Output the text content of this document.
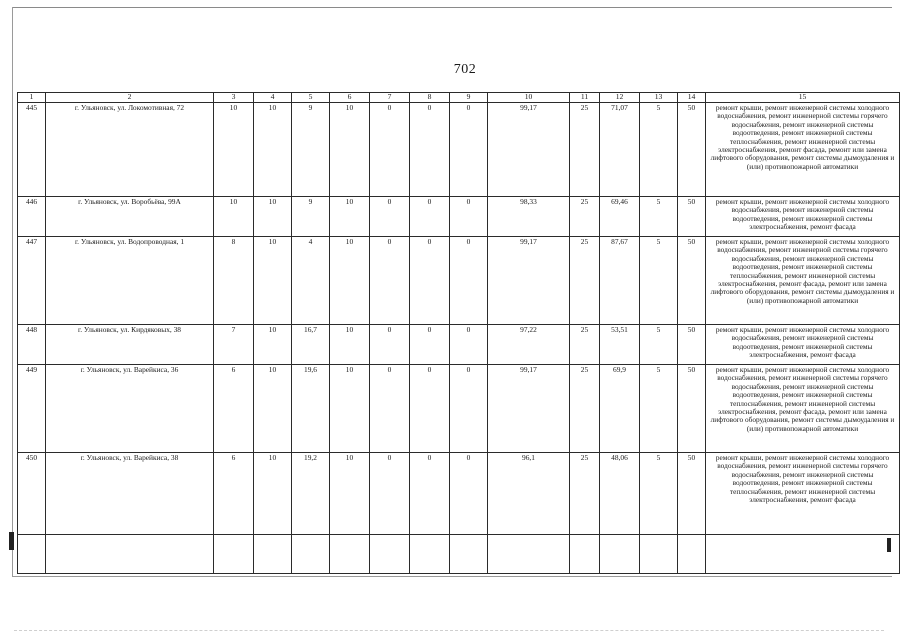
702
1	2	3	4	5	6	7	8	9	10	11	12	13	14	15
445	г. Ульяновск, ул. Локомотивная, 72	10	10	9	10	0	0	0	99,17	25	71,07	5	50	ремонт крыши, ремонт инженерной системы холодного водоснабжения, ремонт инженерной системы горячего водоснабжения, ремонт инженерной системы водоотведения, ремонт инженерной системы теплоснабжения, ремонт инженерной системы электроснабжения, ремонт фасада, ремонт или замена лифтового оборудования, ремонт системы дымоудаления и (или) противопожарной автоматики
446	г. Ульяновск, ул. Воробьёва, 99А	10	10	9	10	0	0	0	98,33	25	69,46	5	50	ремонт крыши, ремонт инженерной системы холодного водоснабжения, ремонт инженерной системы водоотведения, ремонт инженерной системы электроснабжения, ремонт фасада
447	г. Ульяновск, ул. Водопроводная, 1	8	10	4	10	0	0	0	99,17	25	87,67	5	50	ремонт крыши, ремонт инженерной системы холодного водоснабжения, ремонт инженерной системы горячего водоснабжения, ремонт инженерной системы водоотведения, ремонт инженерной системы теплоснабжения, ремонт инженерной системы электроснабжения, ремонт фасада, ремонт или замена лифтового оборудования, ремонт системы дымоудаления и (или) противопожарной автоматики
448	г. Ульяновск, ул. Кирдяковых, 38	7	10	16,7	10	0	0	0	97,22	25	53,51	5	50	ремонт крыши, ремонт инженерной системы холодного водоснабжения, ремонт инженерной системы водоотведения, ремонт инженерной системы электроснабжения, ремонт фасада
449	г. Ульяновск, ул. Варейкиса, 36	6	10	19,6	10	0	0	0	99,17	25	69,9	5	50	ремонт крыши, ремонт инженерной системы холодного водоснабжения, ремонт инженерной системы горячего водоснабжения, ремонт инженерной системы водоотведения, ремонт инженерной системы теплоснабжения, ремонт инженерной системы электроснабжения, ремонт фасада, ремонт или замена лифтового оборудования, ремонт системы дымоудаления и (или) противопожарной автоматики
450	г. Ульяновск, ул. Варейкиса, 38	6	10	19,2	10	0	0	0	96,1	25	48,06	5	50	ремонт крыши, ремонт инженерной системы холодного водоснабжения, ремонт инженерной системы горячего водоснабжения, ремонт инженерной системы водоотведения, ремонт инженерной системы теплоснабжения, ремонт инженерной системы электроснабжения, ремонт фасада
